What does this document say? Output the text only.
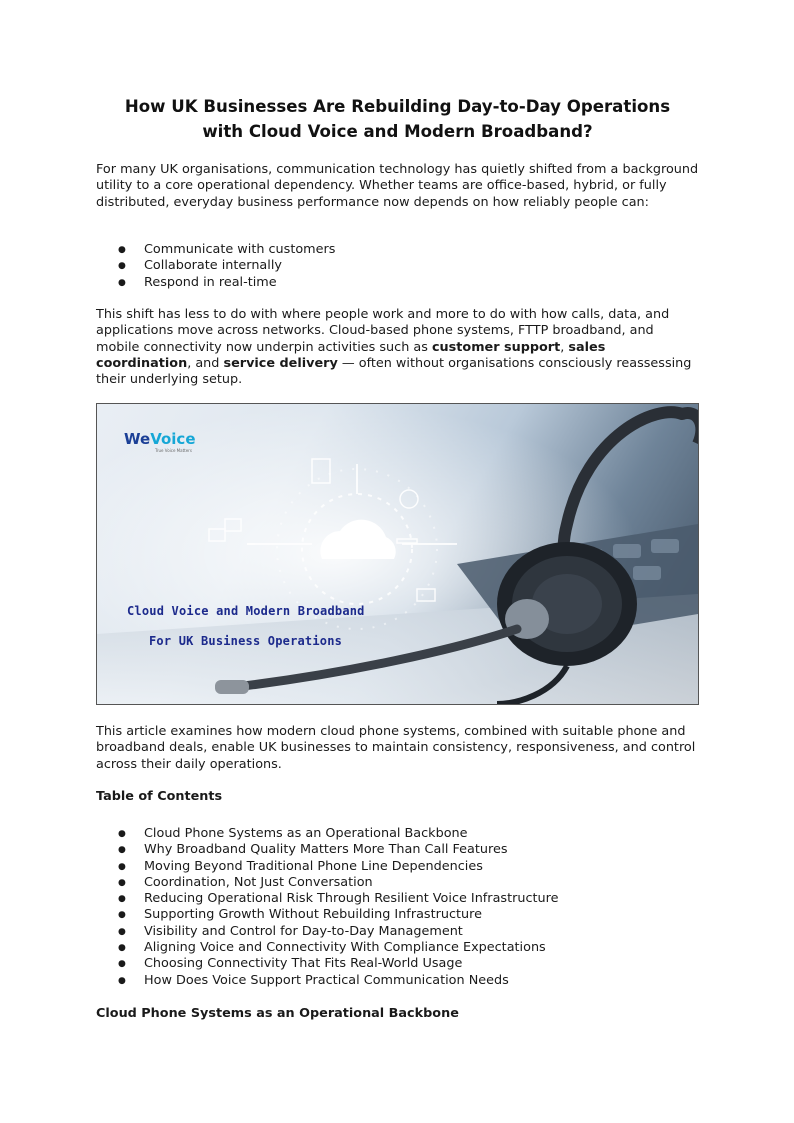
How UK Businesses Are Rebuilding Day-to-Day Operations
with Cloud Voice and Modern Broadband?

For many UK organisations, communication technology has quietly shifted from a background utility to a core operational dependency. Whether teams are office-based, hybrid, or fully distributed, everyday business performance now depends on how reliably people can:

● Communicate with customers
● Collaborate internally
● Respond in real-time

This shift has less to do with where people work and more to do with how calls, data, and applications move across networks. Cloud-based phone systems, FTTP broadband, and mobile connectivity now underpin activities such as customer support, sales coordination, and service delivery — often without organisations consciously reassessing their underlying setup.

WeVoice
True Voice Matters
Cloud Voice and Modern Broadband
For UK Business Operations

This article examines how modern cloud phone systems, combined with suitable phone and broadband deals, enable UK businesses to maintain consistency, responsiveness, and control across their daily operations.

Table of Contents

● Cloud Phone Systems as an Operational Backbone
● Why Broadband Quality Matters More Than Call Features
● Moving Beyond Traditional Phone Line Dependencies
● Coordination, Not Just Conversation
● Reducing Operational Risk Through Resilient Voice Infrastructure
● Supporting Growth Without Rebuilding Infrastructure
● Visibility and Control for Day-to-Day Management
● Aligning Voice and Connectivity With Compliance Expectations
● Choosing Connectivity That Fits Real-World Usage
● How Does Voice Support Practical Communication Needs

Cloud Phone Systems as an Operational Backbone
